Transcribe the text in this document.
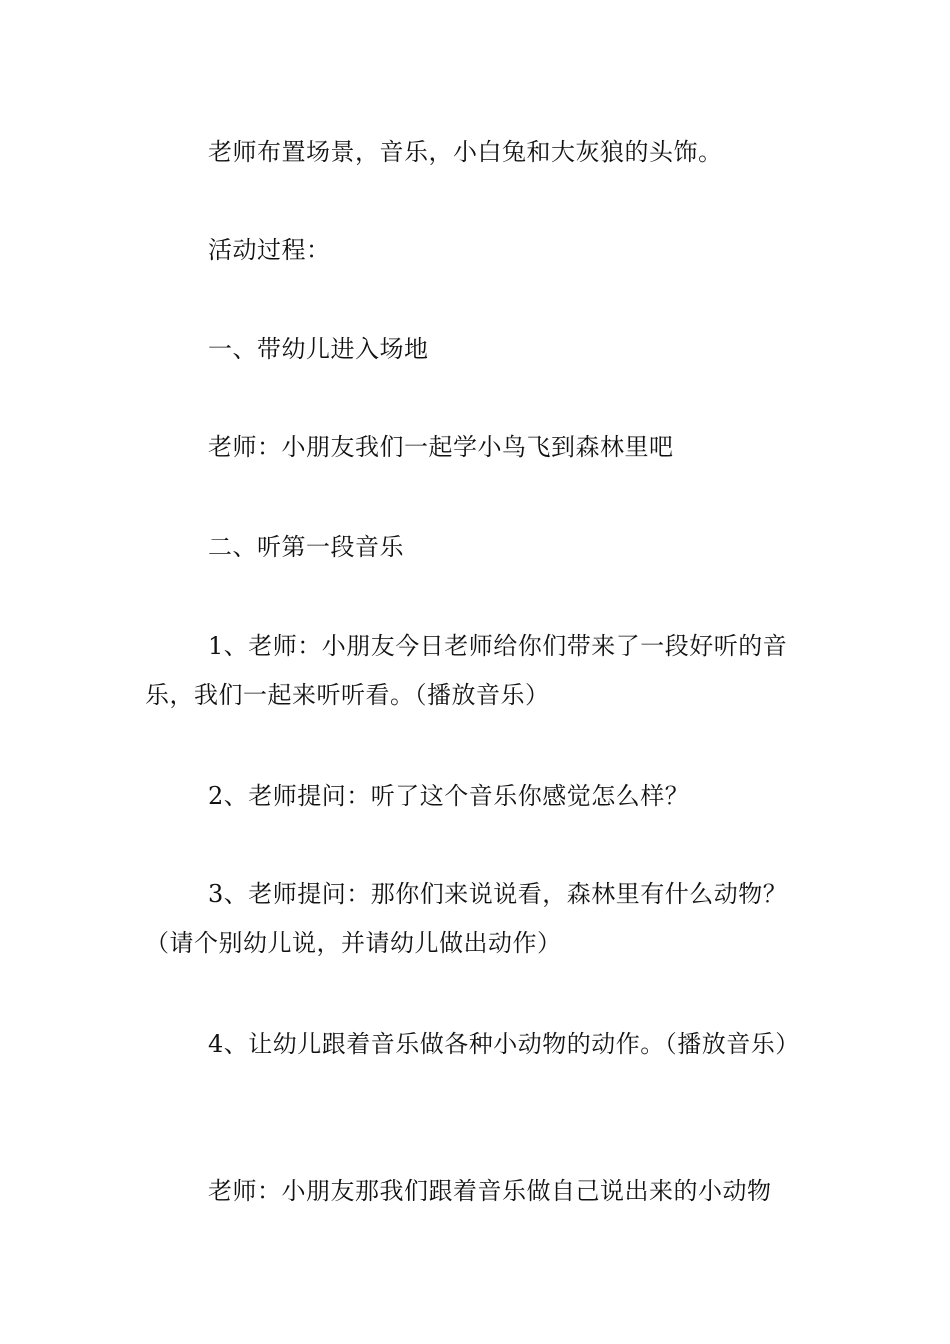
老师布置场景，音乐，小白兔和大灰狼的头饰。

活动过程：

一、带幼儿进入场地

老师：小朋友我们一起学小鸟飞到森林里吧

二、听第一段音乐

1、老师：小朋友今日老师给你们带来了一段好听的音乐，我们一起来听听看。（播放音乐）

2、老师提问：听了这个音乐你感觉怎么样？

3、老师提问：那你们来说说看，森林里有什么动物？（请个别幼儿说，并请幼儿做出动作）

4、让幼儿跟着音乐做各种小动物的动作。（播放音乐）

老师：小朋友那我们跟着音乐做自己说出来的小动物
